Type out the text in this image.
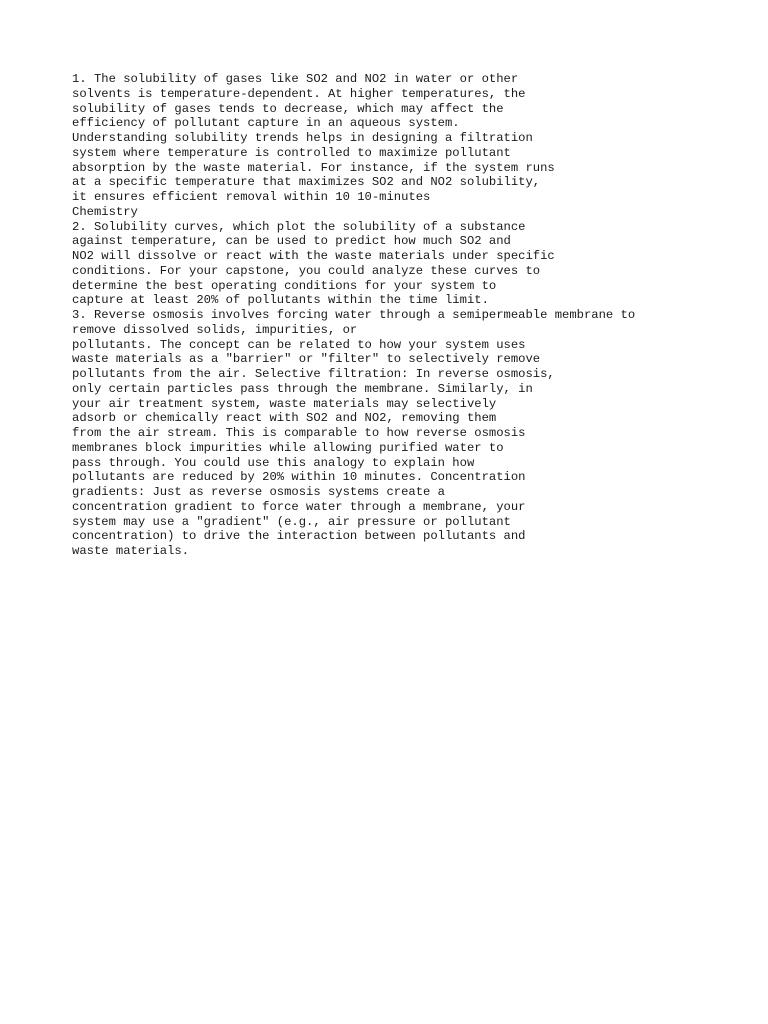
1. The solubility of gases like SO2 and NO2 in water or other
solvents is temperature-dependent. At higher temperatures, the
solubility of gases tends to decrease, which may affect the
efficiency of pollutant capture in an aqueous system.
Understanding solubility trends helps in designing a filtration
system where temperature is controlled to maximize pollutant
absorption by the waste material. For instance, if the system runs
at a specific temperature that maximizes SO2 and NO2 solubility,
it ensures efficient removal within 10 10-minutes
Chemistry
2. Solubility curves, which plot the solubility of a substance
against temperature, can be used to predict how much SO2 and
NO2 will dissolve or react with the waste materials under specific
conditions. For your capstone, you could analyze these curves to
determine the best operating conditions for your system to
capture at least 20% of pollutants within the time limit.
3. Reverse osmosis involves forcing water through a semipermeable membrane to
remove dissolved solids, impurities, or
pollutants. The concept can be related to how your system uses
waste materials as a "barrier" or "filter" to selectively remove
pollutants from the air. Selective filtration: In reverse osmosis,
only certain particles pass through the membrane. Similarly, in
your air treatment system, waste materials may selectively
adsorb or chemically react with SO2 and NO2, removing them
from the air stream. This is comparable to how reverse osmosis
membranes block impurities while allowing purified water to
pass through. You could use this analogy to explain how
pollutants are reduced by 20% within 10 minutes. Concentration
gradients: Just as reverse osmosis systems create a
concentration gradient to force water through a membrane, your
system may use a "gradient" (e.g., air pressure or pollutant
concentration) to drive the interaction between pollutants and
waste materials.
